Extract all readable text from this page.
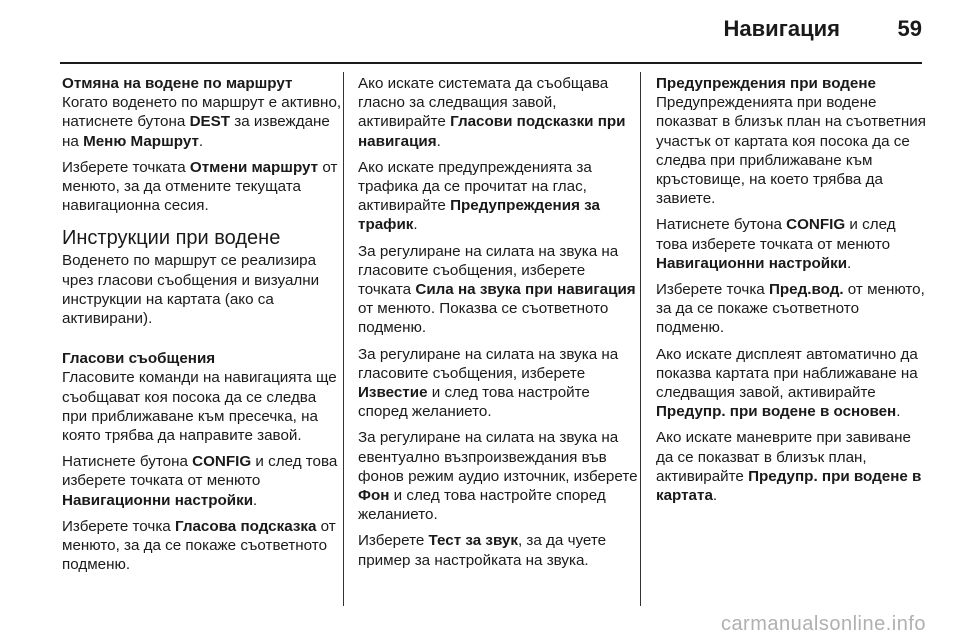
Навигация	59

Отмяна на водене по маршрут
Когато воденето по маршрут е активно, натиснете бутона DEST за извеждане на Меню Маршрут.

Изберете точката Отмени маршрут от менюто, за да отмените текущата навигационна сесия.

Инструкции при водене

Воденето по маршрут се реализира чрез гласови съобщения и визуални инструкции на картата (ако са активирани).

Гласови съобщения
Гласовите команди на навигацията ще съобщават коя посока да се следва при приближаване към пресечка, на която трябва да направите завой.

Натиснете бутона CONFIG и след това изберете точката от менюто Навигационни настройки.

Изберете точка Гласова подсказка от менюто, за да се покаже съответното подменю.

Ако искате системата да съобщава гласно за следващия завой, активирайте Гласови подсказки при навигация.

Ако искате предупрежденията за трафика да се прочитат на глас, активирайте Предупреждения за трафик.

За регулиране на силата на звука на гласовите съобщения, изберете точката Сила на звука при навигация от менюто. Показва се съответното подменю.

За регулиране на силата на звука на гласовите съобщения, изберете Известие и след това настройте според желанието.

За регулиране на силата на звука на евентуално възпроизвеждания във фонов режим аудио източник, изберете Фон и след това настройте според желанието.

Изберете Тест за звук, за да чуете пример за настройката на звука.

Предупреждения при водене
Предупрежденията при водене показват в близък план на съответния участък от картата коя посока да се следва при приближаване към кръстовище, на което трябва да завиете.

Натиснете бутона CONFIG и след това изберете точката от менюто Навигационни настройки.

Изберете точка Пред.вод. от менюто, за да се покаже съответното подменю.

Ако искате дисплеят автоматично да показва картата при наближаване на следващия завой, активирайте Предупр. при водене в основен.

Ако искате маневрите при завиване да се показват в близък план, активирайте Предупр. при водене в картата.

carmanualsonline.info
